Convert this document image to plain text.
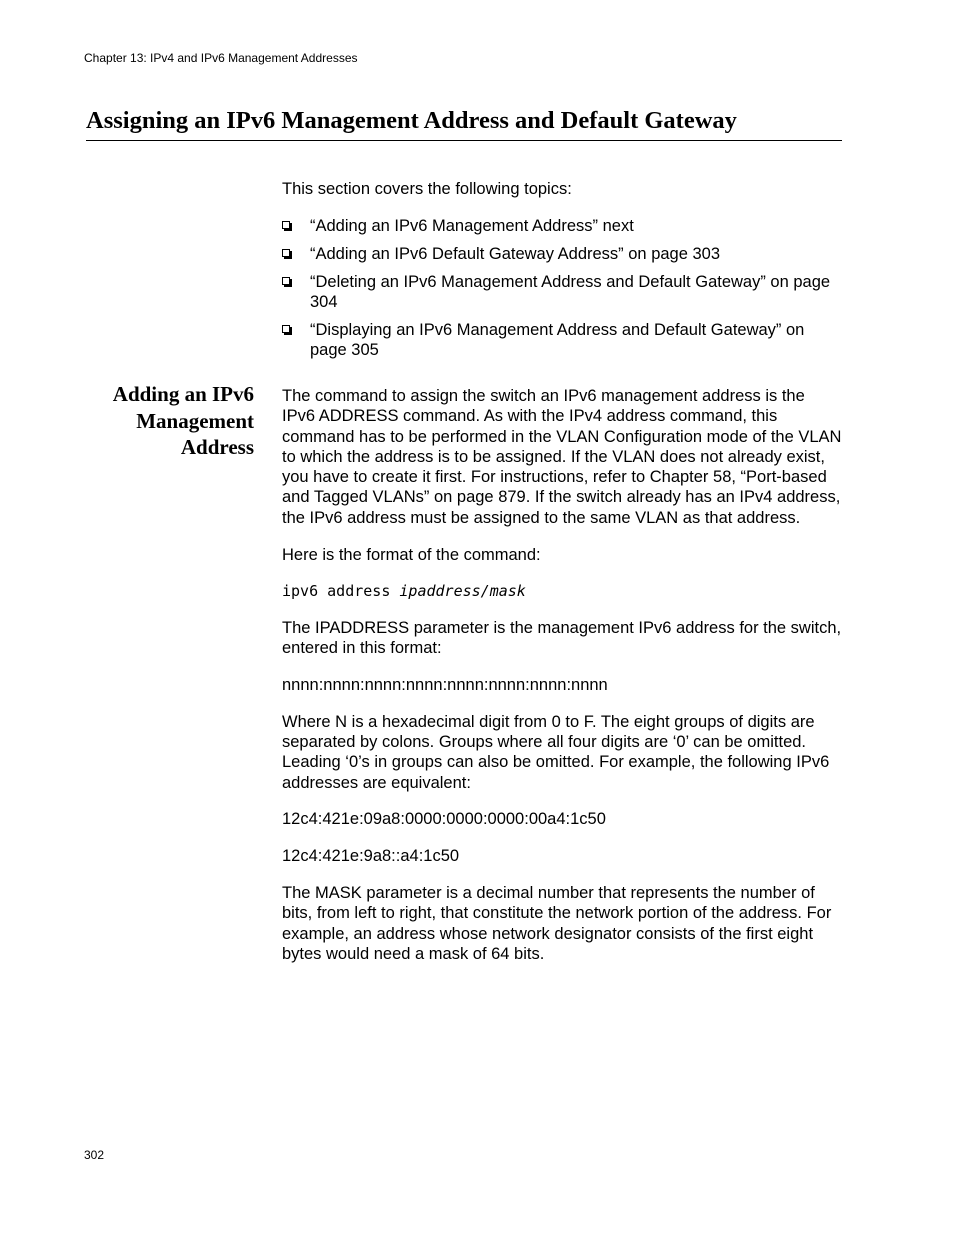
Chapter 13: IPv4 and IPv6 Management Addresses
Assigning an IPv6 Management Address and Default Gateway

This section covers the following topics:

“Adding an IPv6 Management Address” next
“Adding an IPv6 Default Gateway Address” on page 303
“Deleting an IPv6 Management Address and Default Gateway” on page 304
“Displaying an IPv6 Management Address and Default Gateway” on page 305
Adding an IPv6 Management Address

The command to assign the switch an IPv6 management address is the IPv6 ADDRESS command. As with the IPv4 address command, this command has to be performed in the VLAN Configuration mode of the VLAN to which the address is to be assigned. If the VLAN does not already exist, you have to create it first. For instructions, refer to Chapter 58, “Port-based and Tagged VLANs” on page 879. If the switch already has an IPv4 address, the IPv6 address must be assigned to the same VLAN as that address.

Here is the format of the command:

ipv6 address ipaddress/mask

The IPADDRESS parameter is the management IPv6 address for the switch, entered in this format:

nnnn:nnnn:nnnn:nnnn:nnnn:nnnn:nnnn:nnnn

Where N is a hexadecimal digit from 0 to F. The eight groups of digits are separated by colons. Groups where all four digits are ‘0’ can be omitted. Leading ‘0’s in groups can also be omitted. For example, the following IPv6 addresses are equivalent:

12c4:421e:09a8:0000:0000:0000:00a4:1c50

12c4:421e:9a8::a4:1c50

The MASK parameter is a decimal number that represents the number of bits, from left to right, that constitute the network portion of the address. For example, an address whose network designator consists of the first eight bytes would need a mask of 64 bits.

302
